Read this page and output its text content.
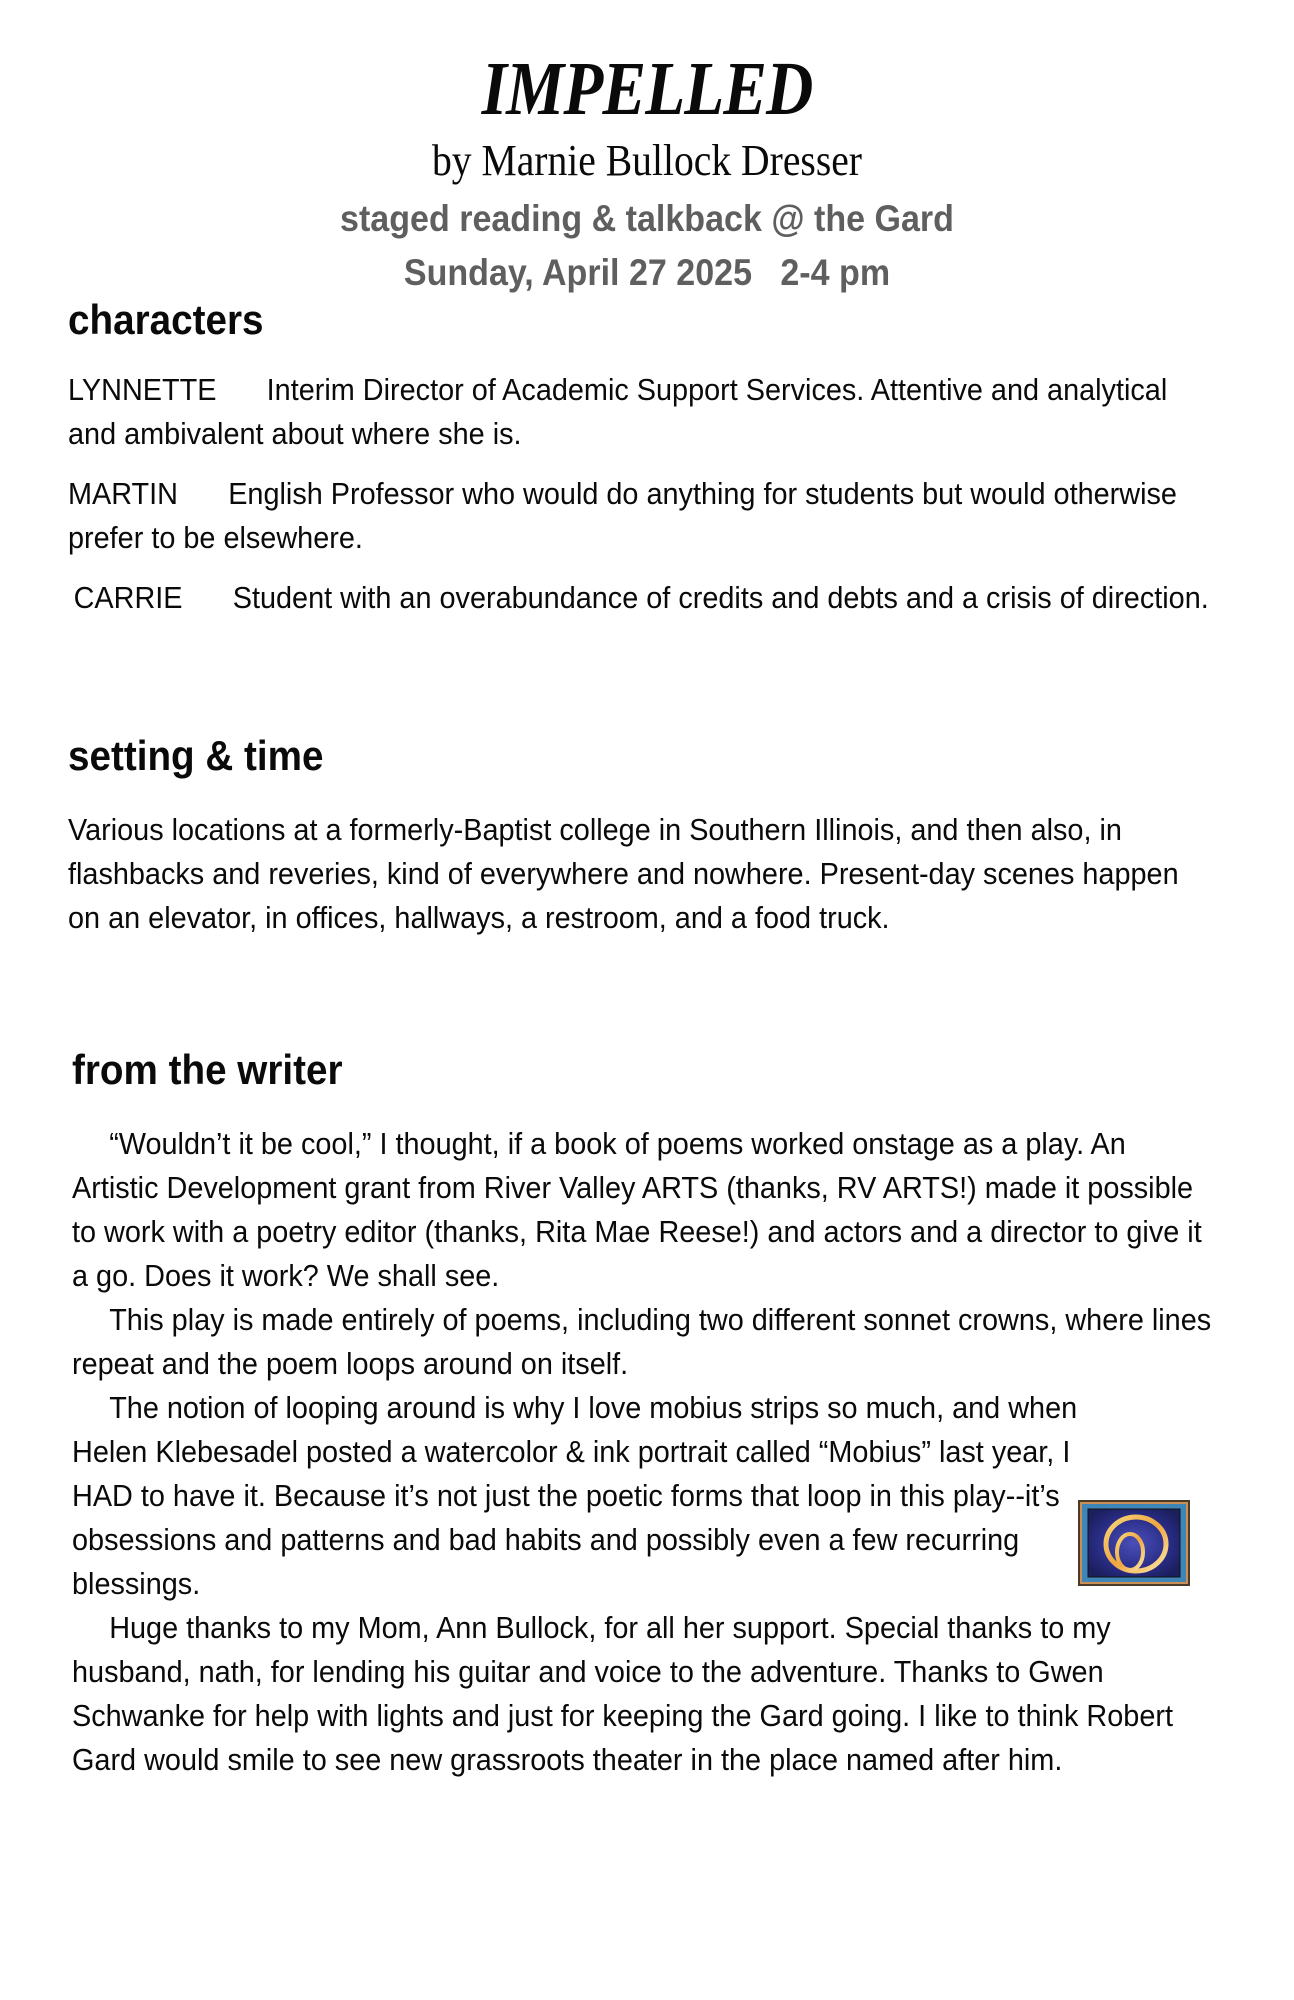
IMPELLED

by Marnie Bullock Dresser

staged reading & talkback @ the Gard

Sunday, April 27 2025   2-4 pm

characters

LYNNETTE Interim Director of Academic Support Services. Attentive and analytical and ambivalent about where she is.

MARTIN English Professor who would do anything for students but would otherwise prefer to be elsewhere.

CARRIE Student with an overabundance of credits and debts and a crisis of direction.

setting & time

Various locations at a formerly-Baptist college in Southern Illinois, and then also, in flashbacks and reveries, kind of everywhere and nowhere. Present-day scenes happen on an elevator, in offices, hallways, a restroom, and a food truck.

from the writer

“Wouldn’t it be cool,” I thought, if a book of poems worked onstage as a play. An Artistic Development grant from River Valley ARTS (thanks, RV ARTS!) made it possible to work with a poetry editor (thanks, Rita Mae Reese!) and actors and a director to give it a go. Does it work? We shall see.

This play is made entirely of poems, including two different sonnet crowns, where lines repeat and the poem loops around on itself.

The notion of looping around is why I love mobius strips so much, and when Helen Klebesadel posted a watercolor & ink portrait called “Mobius” last year, I HAD to have it. Because it’s not just the poetic forms that loop in this play--it’s obsessions and patterns and bad habits and possibly even a few recurring blessings.

Huge thanks to my Mom, Ann Bullock, for all her support. Special thanks to my husband, nath, for lending his guitar and voice to the adventure. Thanks to Gwen Schwanke for help with lights and just for keeping the Gard going. I like to think Robert Gard would smile to see new grassroots theater in the place named after him.
